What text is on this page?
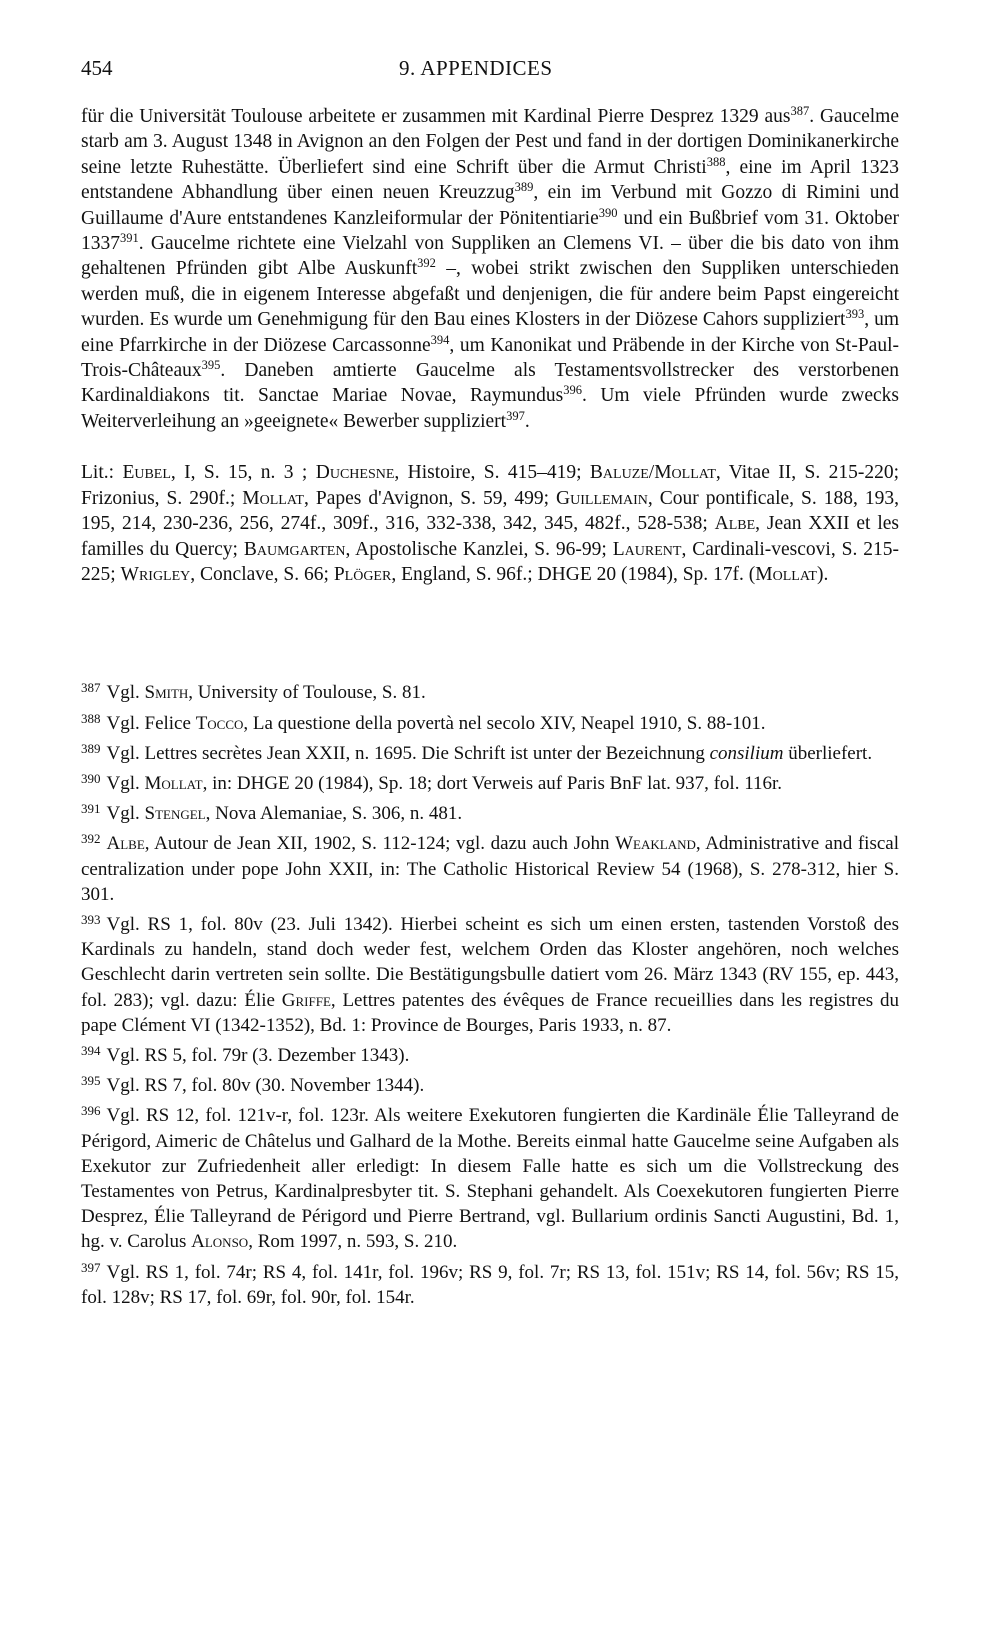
454	9. APPENDICES

für die Universität Toulouse arbeitete er zusammen mit Kardinal Pierre Desprez 1329 aus$^{387}$. Gaucelme starb am 3. August 1348 in Avignon an den Folgen der Pest und fand in der dortigen Dominikanerkirche seine letzte Ruhestätte. Überliefert sind eine Schrift über die Armut Christi$^{388}$, eine im April 1323 entstandene Abhandlung über einen neuen Kreuzzug$^{389}$, ein im Verbund mit Gozzo di Rimini und Guillaume d'Aure entstandenes Kanzleiformular der Pönitentiarie$^{390}$ und ein Bußbrief vom 31. Oktober 1337$^{391}$. Gaucelme richtete eine Vielzahl von Suppliken an Clemens VI. – über die bis dato von ihm gehaltenen Pfründen gibt Albe Auskunft$^{392}$ –, wobei strikt zwischen den Suppliken unterschieden werden muß, die in eigenem Interesse abgefaßt und denjenigen, die für andere beim Papst eingereicht wurden. Es wurde um Genehmigung für den Bau eines Klosters in der Diözese Cahors suppliziert$^{393}$, um eine Pfarrkirche in der Diözese Carcassonne$^{394}$, um Kanonikat und Präbende in der Kirche von St-Paul-Trois-Châteaux$^{395}$. Daneben amtierte Gaucelme als Testamentsvollstrecker des verstorbenen Kardinaldiakons tit. Sanctae Mariae Novae, Raymundus$^{396}$. Um viele Pfründen wurde zwecks Weiterverleihung an »geeignete« Bewerber suppliziert$^{397}$.

Lit.: Eubel, I, S. 15, n. 3 ; Duchesne, Histoire, S. 415–419; Baluze/Mollat, Vitae II, S. 215-220; Frizonius, S. 290f.; Mollat, Papes d'Avignon, S. 59, 499; Guillemain, Cour pontificale, S. 188, 193, 195, 214, 230-236, 256, 274f., 309f., 316, 332-338, 342, 345, 482f., 528-538; Albe, Jean XXII et les familles du Quercy; Baumgarten, Apostolische Kanzlei, S. 96-99; Laurent, Cardinali-vescovi, S. 215-225; Wrigley, Conclave, S. 66; Plöger, England, S. 96f.; DHGE 20 (1984), Sp. 17f. (Mollat).

$^{387}$ Vgl. Smith, University of Toulouse, S. 81.

$^{388}$ Vgl. Felice Tocco, La questione della povertà nel secolo XIV, Neapel 1910, S. 88-101.

$^{389}$ Vgl. Lettres secrètes Jean XXII, n. 1695. Die Schrift ist unter der Bezeichnung consilium überliefert.

$^{390}$ Vgl. Mollat, in: DHGE 20 (1984), Sp. 18; dort Verweis auf Paris BnF lat. 937, fol. 116r.

$^{391}$ Vgl. Stengel, Nova Alemaniae, S. 306, n. 481.

$^{392}$ Albe, Autour de Jean XII, 1902, S. 112-124; vgl. dazu auch John Weakland, Administrative and fiscal centralization under pope John XXII, in: The Catholic Historical Review 54 (1968), S. 278-312, hier S. 301.

$^{393}$ Vgl. RS 1, fol. 80v (23. Juli 1342). Hierbei scheint es sich um einen ersten, tastenden Vorstoß des Kardinals zu handeln, stand doch weder fest, welchem Orden das Kloster angehören, noch welches Geschlecht darin vertreten sein sollte. Die Bestätigungsbulle datiert vom 26. März 1343 (RV 155, ep. 443, fol. 283); vgl. dazu: Élie Griffe, Lettres patentes des évêques de France recueillies dans les registres du pape Clément VI (1342-1352), Bd. 1: Province de Bourges, Paris 1933, n. 87.

$^{394}$ Vgl. RS 5, fol. 79r (3. Dezember 1343).

$^{395}$ Vgl. RS 7, fol. 80v (30. November 1344).

$^{396}$ Vgl. RS 12, fol. 121v-r, fol. 123r. Als weitere Exekutoren fungierten die Kardinäle Élie Talleyrand de Périgord, Aimeric de Châtelus und Galhard de la Mothe. Bereits einmal hatte Gaucelme seine Aufgaben als Exekutor zur Zufriedenheit aller erledigt: In diesem Falle hatte es sich um die Vollstreckung des Testamentes von Petrus, Kardinalpresbyter tit. S. Stephani gehandelt. Als Coexekutoren fungierten Pierre Desprez, Élie Talleyrand de Périgord und Pierre Bertrand, vgl. Bullarium ordinis Sancti Augustini, Bd. 1, hg. v. Carolus Alonso, Rom 1997, n. 593, S. 210.

$^{397}$ Vgl. RS 1, fol. 74r; RS 4, fol. 141r, fol. 196v; RS 9, fol. 7r; RS 13, fol. 151v; RS 14, fol. 56v; RS 15, fol. 128v; RS 17, fol. 69r, fol. 90r, fol. 154r.
